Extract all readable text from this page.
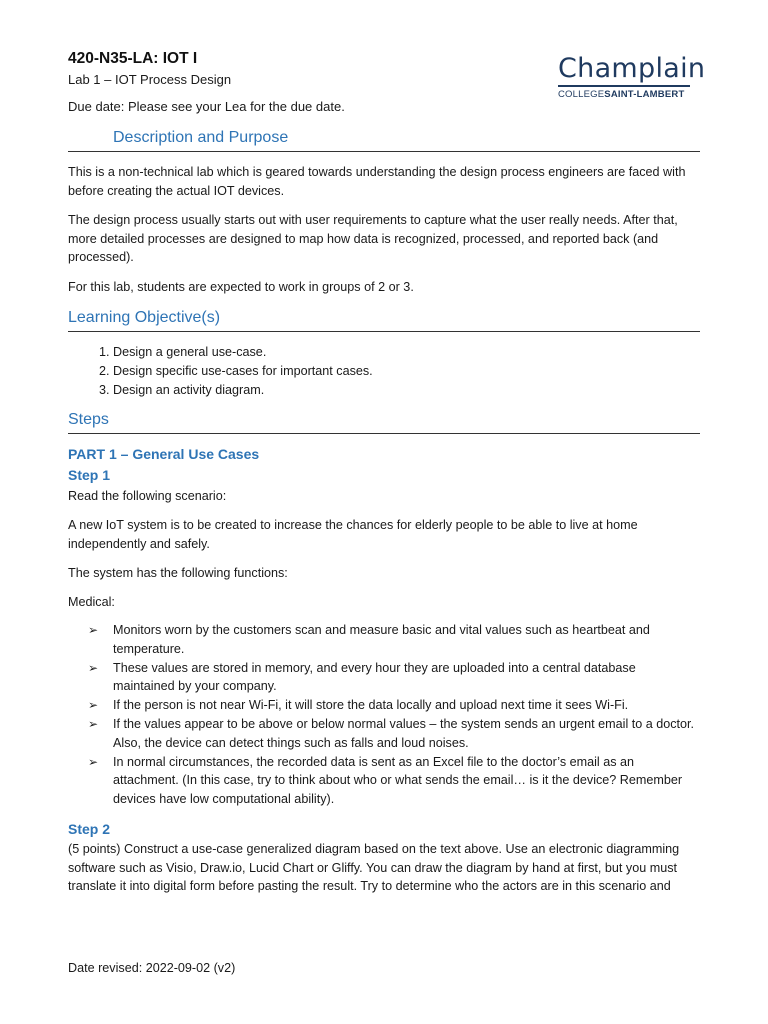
420-N35-LA: IOT I
Lab 1 – IOT Process Design
Due date: Please see your Lea for the due date.
Champlain
COLLEGESAINT-LAMBERT
Description and Purpose
This is a non-technical lab which is geared towards understanding the design process engineers are faced with before creating the actual IOT devices.
The design process usually starts out with user requirements to capture what the user really needs. After that, more detailed processes are designed to map how data is recognized, processed, and reported back (and processed).
For this lab, students are expected to work in groups of 2 or 3.
Learning Objective(s)
1. Design a general use-case.
2. Design specific use-cases for important cases.
3. Design an activity diagram.
Steps
PART 1 – General Use Cases
Step 1
Read the following scenario:
A new IoT system is to be created to increase the chances for elderly people to be able to live at home independently and safely.
The system has the following functions:
Medical:
➢ Monitors worn by the customers scan and measure basic and vital values such as heartbeat and temperature.
➢ These values are stored in memory, and every hour they are uploaded into a central database maintained by your company.
➢ If the person is not near Wi-Fi, it will store the data locally and upload next time it sees Wi-Fi.
➢ If the values appear to be above or below normal values – the system sends an urgent email to a doctor. Also, the device can detect things such as falls and loud noises.
➢ In normal circumstances, the recorded data is sent as an Excel file to the doctor’s email as an attachment. (In this case, try to think about who or what sends the email… is it the device? Remember devices have low computational ability).
Step 2
(5 points) Construct a use-case generalized diagram based on the text above. Use an electronic diagramming software such as Visio, Draw.io, Lucid Chart or Gliffy. You can draw the diagram by hand at first, but you must translate it into digital form before pasting the result. Try to determine who the actors are in this scenario and
Date revised: 2022-09-02 (v2)
